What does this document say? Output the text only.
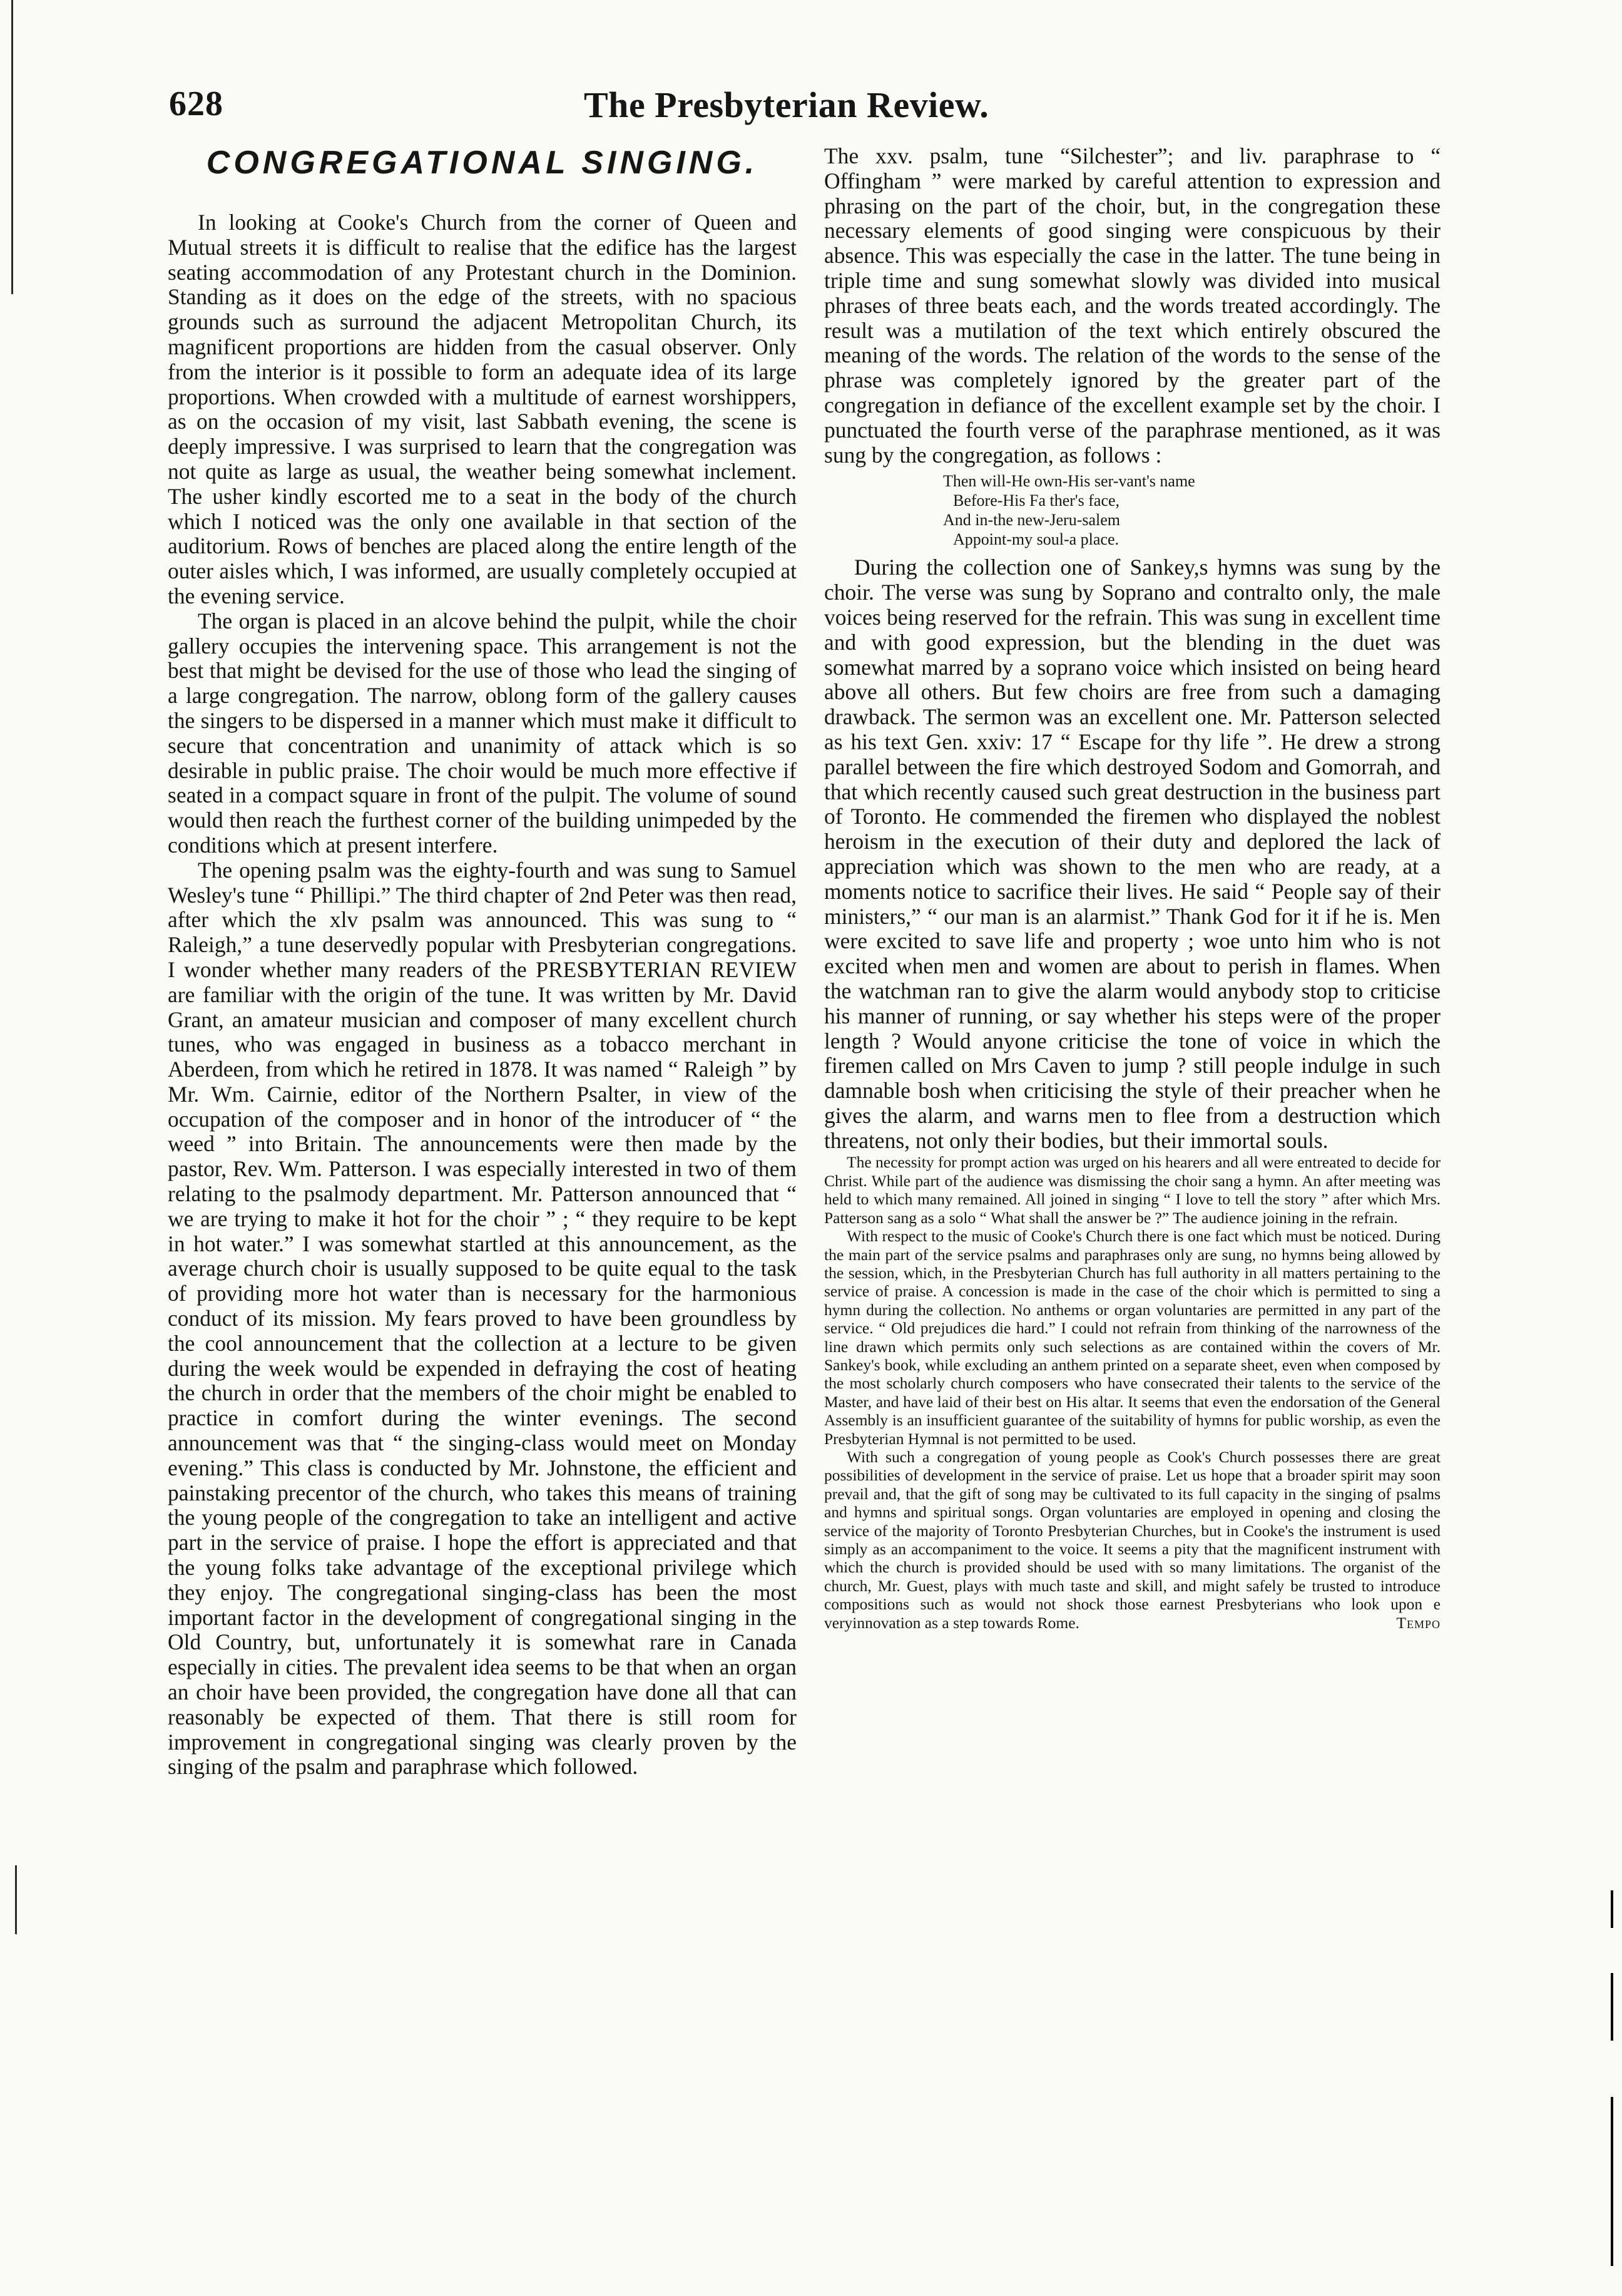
628	The Presbyterian Review.
CONGREGATIONAL SINGING.

In looking at Cooke's Church from the corner of Queen and Mutual streets it is difficult to realise that the edifice has the largest seating accommodation of any Protestant church in the Dominion. Standing as it does on the edge of the streets, with no spacious grounds such as surround the adjacent Metropolitan Church, its magnificent proportions are hidden from the casual observer. Only from the interior is it possible to form an adequate idea of its large proportions. When crowded with a multitude of earnest worshippers, as on the occasion of my visit, last Sabbath evening, the scene is deeply impressive. I was surprised to learn that the congregation was not quite as large as usual, the weather being somewhat inclement. The usher kindly escorted me to a seat in the body of the church which I noticed was the only one available in that section of the auditorium. Rows of benches are placed along the entire length of the outer aisles which, I was informed, are usually completely occupied at the evening service.

The organ is placed in an alcove behind the pulpit, while the choir gallery occupies the intervening space. This arrangement is not the best that might be devised for the use of those who lead the singing of a large congregation. The narrow, oblong form of the gallery causes the singers to be dispersed in a manner which must make it difficult to secure that concentration and unanimity of attack which is so desirable in public praise. The choir would be much more effective if seated in a compact square in front of the pulpit. The volume of sound would then reach the furthest corner of the building unimpeded by the conditions which at present interfere.

The opening psalm was the eighty-fourth and was sung to Samuel Wesley's tune “ Phillipi.” The third chapter of 2nd Peter was then read, after which the xlv psalm was announced. This was sung to “ Raleigh,” a tune deservedly popular with Presbyterian congregations. I wonder whether many readers of the PRESBYTERIAN REVIEW are familiar with the origin of the tune. It was written by Mr. David Grant, an amateur musician and composer of many excellent church tunes, who was engaged in business as a tobacco merchant in Aberdeen, from which he retired in 1878. It was named “ Raleigh ” by Mr. Wm. Cairnie, editor of the Northern Psalter, in view of the occupation of the composer and in honor of the introducer of “ the weed ” into Britain. The announcements were then made by the pastor, Rev. Wm. Patterson. I was especially interested in two of them relating to the psalmody department. Mr. Patterson announced that “ we are trying to make it hot for the choir ” ; “ they require to be kept in hot water.” I was somewhat startled at this announcement, as the average church choir is usually supposed to be quite equal to the task of providing more hot water than is necessary for the harmonious conduct of its mission. My fears proved to have been groundless by the cool announcement that the collection at a lecture to be given during the week would be expended in defraying the cost of heating the church in order that the members of the choir might be enabled to practice in comfort during the winter evenings. The second announcement was that “ the singing-class would meet on Monday evening.” This class is conducted by Mr. Johnstone, the efficient and painstaking precentor of the church, who takes this means of training the young people of the congregation to take an intelligent and active part in the service of praise. I hope the effort is appreciated and that the young folks take advantage of the exceptional privilege which they enjoy. The congregational singing-class has been the most important factor in the development of congregational singing in the Old Country, but, unfortunately it is somewhat rare in Canada especially in cities. The prevalent idea seems to be that when an organ an choir have been provided, the congregation have done all that can reasonably be expected of them. That there is still room for improvement in congregational singing was clearly proven by the singing of the psalm and paraphrase which followed.

The xxv. psalm, tune “Silchester”; and liv. paraphrase to “ Offingham ” were marked by careful attention to expression and phrasing on the part of the choir, but, in the congregation these necessary elements of good singing were conspicuous by their absence. This was especially the case in the latter. The tune being in triple time and sung somewhat slowly was divided into musical phrases of three beats each, and the words treated accordingly. The result was a mutilation of the text which entirely obscured the meaning of the words. The relation of the words to the sense of the phrase was completely ignored by the greater part of the congregation in defiance of the excellent example set by the choir. I punctuated the fourth verse of the paraphrase mentioned, as it was sung by the congregation, as follows :

Then will-He own-His ser-vant's name
Before-His Fa ther's face,
And in-the new-Jeru-salem
Appoint-my soul-a place.

During the collection one of Sankey,s hymns was sung by the choir. The verse was sung by Soprano and contralto only, the male voices being reserved for the refrain. This was sung in excellent time and with good expression, but the blending in the duet was somewhat marred by a soprano voice which insisted on being heard above all others. But few choirs are free from such a damaging drawback. The sermon was an excellent one. Mr. Patterson selected as his text Gen. xxiv: 17 “ Escape for thy life ”. He drew a strong parallel between the fire which destroyed Sodom and Gomorrah, and that which recently caused such great destruction in the business part of Toronto. He commended the firemen who displayed the noblest heroism in the execution of their duty and deplored the lack of appreciation which was shown to the men who are ready, at a moments notice to sacrifice their lives. He said “ People say of their ministers,” “ our man is an alarmist.” Thank God for it if he is. Men were excited to save life and property ; woe unto him who is not excited when men and women are about to perish in flames. When the watchman ran to give the alarm would anybody stop to criticise his manner of running, or say whether his steps were of the proper length ? Would anyone criticise the tone of voice in which the firemen called on Mrs Caven to jump ? still people indulge in such damnable bosh when criticising the style of their preacher when he gives the alarm, and warns men to flee from a destruction which threatens, not only their bodies, but their immortal souls.

The necessity for prompt action was urged on his hearers and all were entreated to decide for Christ. While part of the audience was dismissing the choir sang a hymn. An after meeting was held to which many remained. All joined in singing “ I love to tell the story ” after which Mrs. Patterson sang as a solo “ What shall the answer be ?” The audience joining in the refrain.

With respect to the music of Cooke's Church there is one fact which must be noticed. During the main part of the service psalms and paraphrases only are sung, no hymns being allowed by the session, which, in the Presbyterian Church has full authority in all matters pertaining to the service of praise. A concession is made in the case of the choir which is permitted to sing a hymn during the collection. No anthems or organ voluntaries are permitted in any part of the service. “ Old prejudices die hard.” I could not refrain from thinking of the narrowness of the line drawn which permits only such selections as are contained within the covers of Mr. Sankey's book, while excluding an anthem printed on a separate sheet, even when composed by the most scholarly church composers who have consecrated their talents to the service of the Master, and have laid of their best on His altar. It seems that even the endorsation of the General Assembly is an insufficient guarantee of the suitability of hymns for public worship, as even the Presbyterian Hymnal is not permitted to be used.

With such a congregation of young people as Cook's Church possesses there are great possibilities of development in the service of praise. Let us hope that a broader spirit may soon prevail and, that the gift of song may be cultivated to its full capacity in the singing of psalms and hymns and spiritual songs. Organ voluntaries are employed in opening and closing the service of the majority of Toronto Presbyterian Churches, but in Cooke's the instrument is used simply as an accompaniment to the voice. It seems a pity that the magnificent instrument with which the church is provided should be used with so many limitations. The organist of the church, Mr. Guest, plays with much taste and skill, and might safely be trusted to introduce compositions such as would not shock those earnest Presbyterians who look upon e veryinnovation as a step towards Rome.	Tempo
